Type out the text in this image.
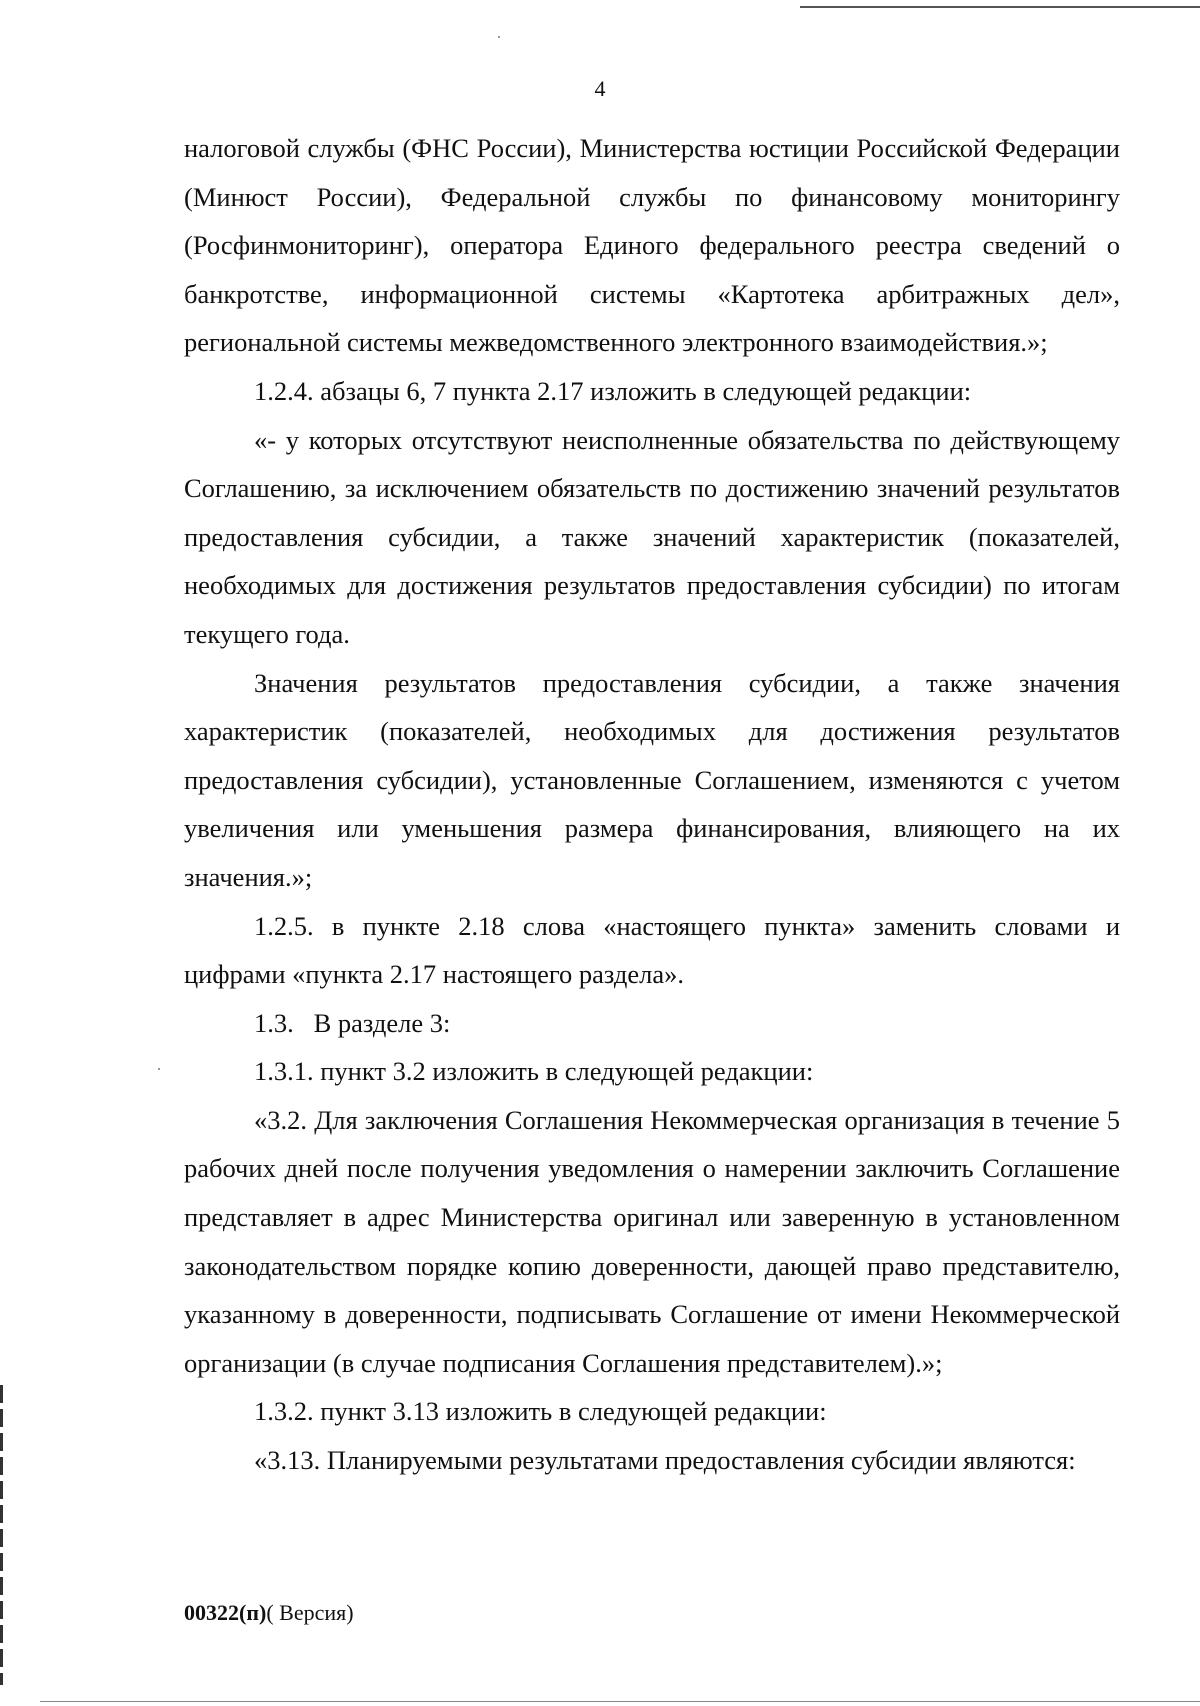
4

налоговой службы (ФНС России), Министерства юстиции Российской Федерации (Минюст России), Федеральной службы по финансовому мониторингу (Росфинмониторинг), оператора Единого федерального реестра сведений о банкротстве, информационной системы «Картотека арбитражных дел», региональной системы межведомственного электронного взаимодействия.»;

1.2.4. абзацы 6, 7 пункта 2.17 изложить в следующей редакции:

«- у которых отсутствуют неисполненные обязательства по действующему Соглашению, за исключением обязательств по достижению значений результатов предоставления субсидии, а также значений характеристик (показателей, необходимых для достижения результатов предоставления субсидии) по итогам текущего года.

Значения результатов предоставления субсидии, а также значения характеристик (показателей, необходимых для достижения результатов предоставления субсидии), установленные Соглашением, изменяются с учетом увеличения или уменьшения размера финансирования, влияющего на их значения.»;

1.2.5. в пункте 2.18 слова «настоящего пункта» заменить словами и цифрами «пункта 2.17 настоящего раздела».

1.3.   В разделе 3:

1.3.1. пункт 3.2 изложить в следующей редакции:

«3.2. Для заключения Соглашения Некоммерческая организация в течение 5 рабочих дней после получения уведомления о намерении заключить Соглашение представляет в адрес Министерства оригинал или заверенную в установленном законодательством порядке копию доверенности, дающей право представителю, указанному в доверенности, подписывать Соглашение от имени Некоммерческой организации (в случае подписания Соглашения представителем).»;

1.3.2. пункт 3.13 изложить в следующей редакции:

«3.13. Планируемыми результатами предоставления субсидии являются:

00322(п)( Версия)
